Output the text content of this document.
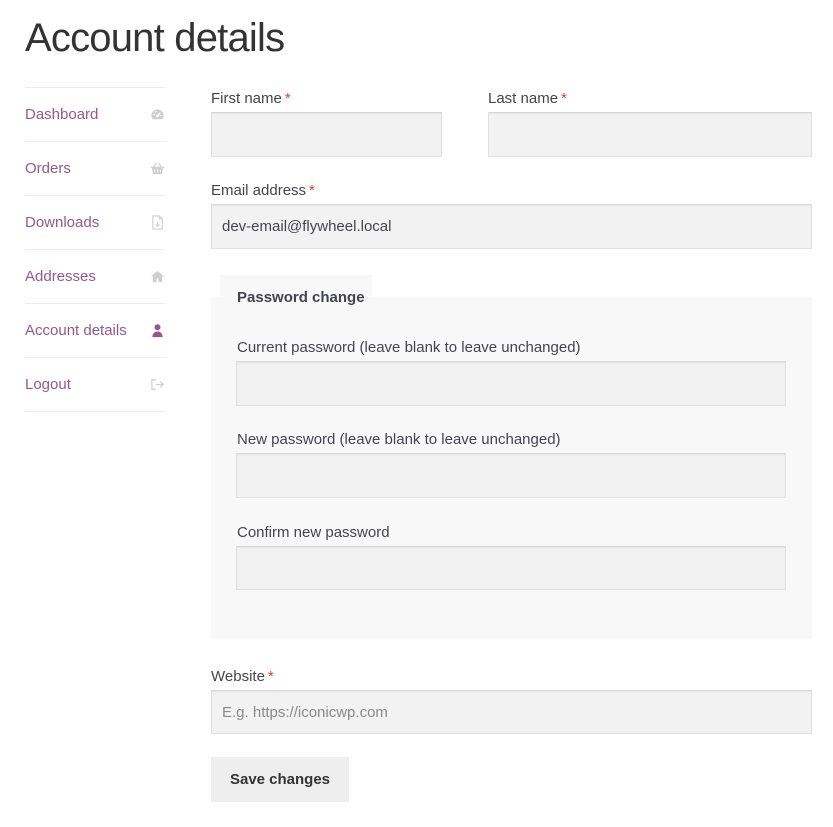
Account details
Dashboard
Orders
Downloads
Addresses
Account details
Logout
First name *	Last name *
Email address *
dev-email@flywheel.local
Password change
Current password (leave blank to leave unchanged)
New password (leave blank to leave unchanged)
Confirm new password
Website *
E.g. https://iconicwp.com
Save changes
